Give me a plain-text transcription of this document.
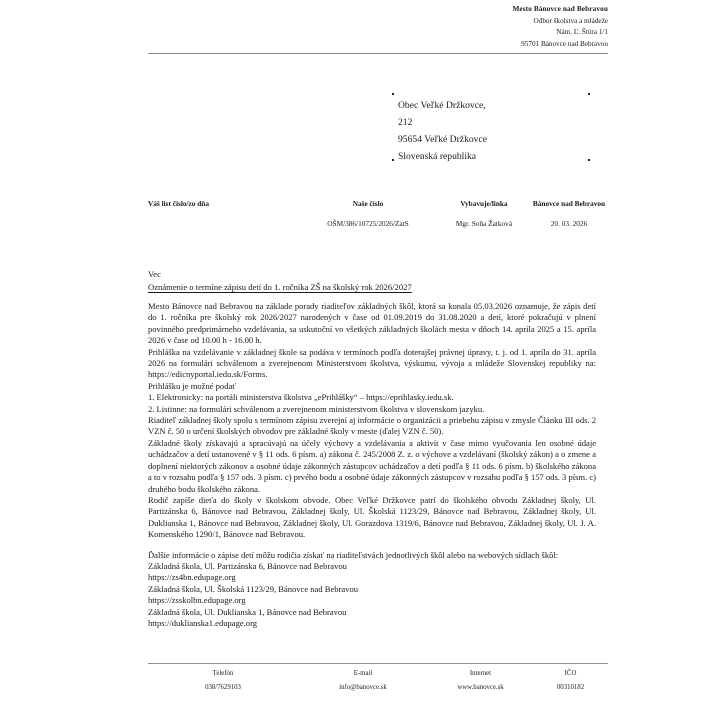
Mesto Bánovce nad Bebravou
Odbor školstva a mládeže
Nám. Ľ. Štúra 1/1
95701 Bánovce nad Bebravou
Obec Veľké Držkovce,
212
95654 Veľké Držkovce
Slovenská republika
Váš list číslo/zo dňa	Naše číslo
OŠM/386/10725/2026/ZatS
Vybavuje/linka
Mgr. Soňa Žatková
Bánovce nad Bebravou
20. 03. 2026
Vec
Oznámenie o termíne zápisu detí do 1. ročníka ZŠ na školský rok 2026/2027

Mesto Bánovce nad Bebravou na základe porady riaditeľov základných škôl, ktorá sa konala 05.03.2026 oznamuje, že zápis detí do 1. ročníka pre školský rok 2026/2027 narodených v čase od 01.09.2019 do 31.08.2020 a detí, ktoré pokračujú v plnení povinného predprimárneho vzdelávania, sa uskutoční vo všetkých základných školách mesta v dňoch 14. apríla 2025 a 15. apríla 2026 v čase od 10.00 h - 16.00 h.

Prihláška na vzdelávanie v základnej škole sa podáva v termínoch podľa doterajšej právnej úpravy, t. j. od 1. apríla do 31. apríla 2026 na formulári schválenom a zverejnenom Ministerstvom školstva, výskumu, vývoja a mládeže Slovenskej republiky na: https://edicnyportal.iedu.sk/Forms.

Prihlášku je možné podať

1. Elektronicky: na portáli ministerstva školstva „ePrihlášky“ – https://eprihlasky.iedu.sk.

2. Listinne: na formulári schválenom a zverejnenom ministerstvom školstva v slovenskom jazyku.

Riaditeľ základnej školy spolu s termínom zápisu zverejní aj informácie o organizácii a priebehu zápisu v zmysle Článku III ods. 2 VZN č. 50 o určení školských obvodov pre základné školy v meste (ďalej VZN č. 50).

Základné školy získavajú a spracúvajú na účely výchovy a vzdelávania a aktivít v čase mimo vyučovania len osobné údaje uchádzačov a detí ustanovené v § 11 ods. 6 písm. a) zákona č. 245/2008 Z. z. o výchove a vzdelávaní (školský zákon) a o zmene a doplnení niektorých zákonov a osobné údaje zákonných zástupcov uchádzačov a detí podľa § 11 ods. 6 písm. b) školského zákona a to v rozsahu podľa § 157 ods. 3 písm. c) prvého bodu a osobné údaje zákonných zástupcov v rozsahu podľa § 157 ods. 3 písm. c) druhého bodu školského zákona.

Rodič zapíše dieťa do školy v školskom obvode. Obec Veľké Držkovce patrí do školského obvodu Základnej školy, Ul. Partizánska 6, Bánovce nad Bebravou, Základnej školy, Ul. Školská 1123/29, Bánovce nad Bebravou, Základnej školy, Ul. Duklianska 1, Bánovce nad Bebravou, Základnej školy, Ul. Gorazdova 1319/6, Bánovce nad Bebravou, Základnej školy, Ul. J. A. Komenského 1290/1, Bánovce nad Bebravou.

Ďalšie informácie o zápise detí môžu rodičia získať na riaditeľstvách jednotlivých škôl alebo na webových sídlach škôl:

Základná škola, Ul. Partizánska 6, Bánovce nad Bebravou

https://zs4bn.edupage.org

Základná škola, Ul. Školská 1123/29, Bánovce nad Bebravou

https://zsskolbn.edupage.org

Základná škola, Ul. Duklianska 1, Bánovce nad Bebravou

https://duklianska1.edupage.org

Telefón
038/7629103
E-mail
info@banovce.sk
Internet
www.banovce.sk
IČO
00310182
